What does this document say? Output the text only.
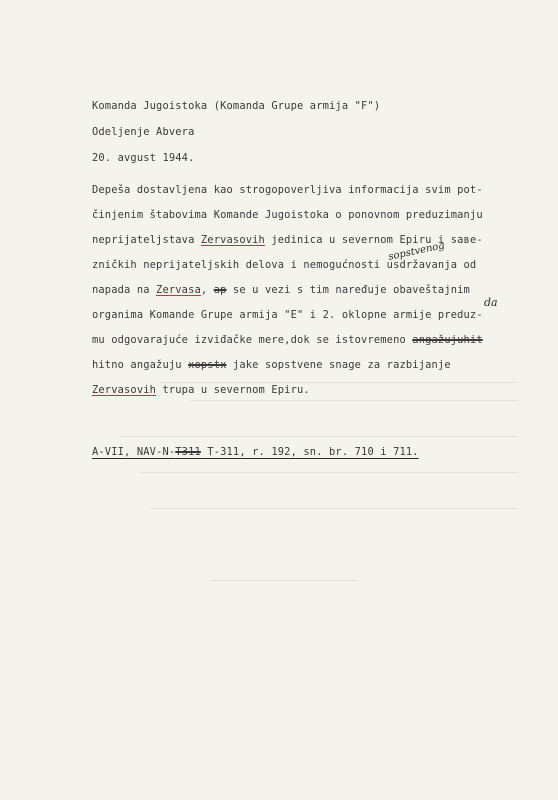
Komanda Jugoistoka (Komanda Grupe armija "F")
Odeljenje Abvera
20. avgust 1944.
Depeša dostavljena kao strogopoverljiva informacija svim pot-
činjenim štabovima Komande Jugoistoka o ponovnom preduzimanju
neprijateljstava Zervasovih jedinica u severnom Epiru i saве-
zničkih neprijateljskih delova i nemogućnosti usdržavanja od
napada na Zervasa, ap se u vezi s tim naređuje obaveštajnim
organima Komande Grupe armija "E" i 2. oklopne armije preduz-
mu odgovarajuće izviđačke mere,dok se istovremeno angažujuhit
hitno angažuju xopstx jake sopstvene snage za razbijanje
Zervasovih trupa u severnom Epiru.
A-VII, NAV-N-T311 T-311, r. 192, sn. br. 710 i 711.
sopstvenog
da
